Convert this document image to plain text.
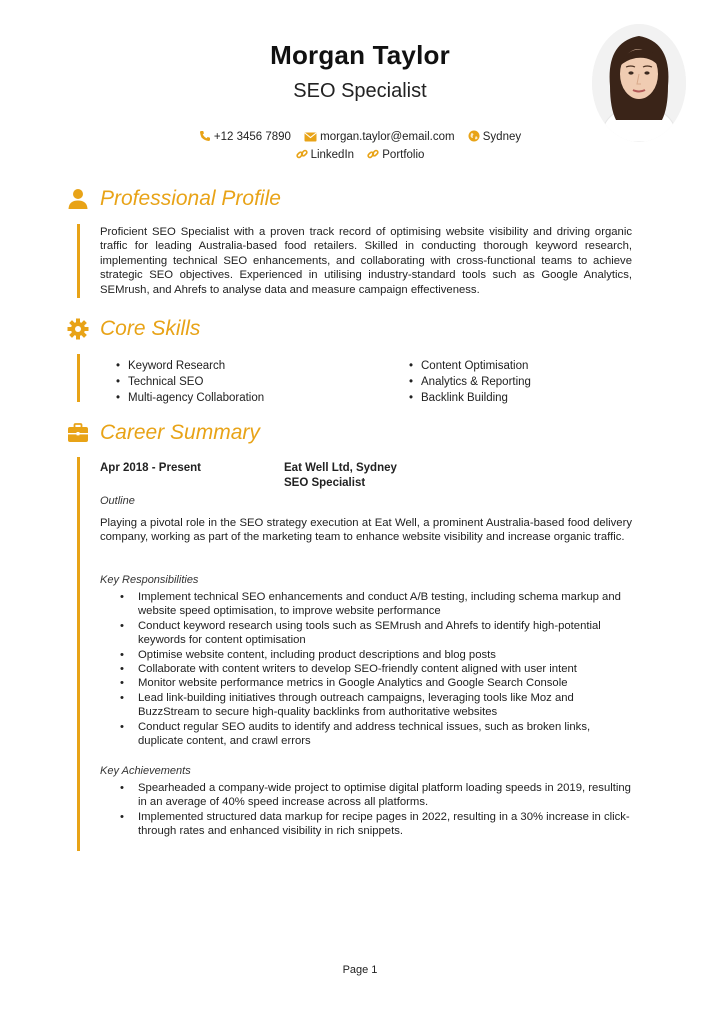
Morgan Taylor
SEO Specialist
+12 3456 7890	morgan.taylor@email.com Sydney
LinkedIn Portfolio
Professional Profile
Proficient SEO Specialist with a proven track record of optimising website visibility and driving organic traffic for leading Australia-based food retailers. Skilled in conducting thorough keyword research, implementing technical SEO enhancements, and collaborating with cross-functional teams to achieve strategic SEO objectives. Experienced in utilising industry-standard tools such as Google Analytics, SEMrush, and Ahrefs to analyse data and measure campaign effectiveness.
Core Skills
• Keyword Research
• Technical SEO
• Multi-agency Collaboration
• Content Optimisation
• Analytics & Reporting
• Backlink Building
Career Summary
Apr 2018 - Present	Eat Well Ltd, Sydney
SEO Specialist
Outline
Playing a pivotal role in the SEO strategy execution at Eat Well, a prominent Australia-based food delivery company, working as part of the marketing team to enhance website visibility and increase organic traffic.
Key Responsibilities
• Implement technical SEO enhancements and conduct A/B testing, including schema markup and website speed optimisation, to improve website performance
• Conduct keyword research using tools such as SEMrush and Ahrefs to identify high-potential keywords for content optimisation
• Optimise website content, including product descriptions and blog posts
• Collaborate with content writers to develop SEO-friendly content aligned with user intent
• Monitor website performance metrics in Google Analytics and Google Search Console
• Lead link-building initiatives through outreach campaigns, leveraging tools like Moz and BuzzStream to secure high-quality backlinks from authoritative websites
• Conduct regular SEO audits to identify and address technical issues, such as broken links, duplicate content, and crawl errors
Key Achievements
• Spearheaded a company-wide project to optimise digital platform loading speeds in 2019, resulting in an average of 40% speed increase across all platforms.
• Implemented structured data markup for recipe pages in 2022, resulting in a 30% increase in click-through rates and enhanced visibility in rich snippets.
Page 1
